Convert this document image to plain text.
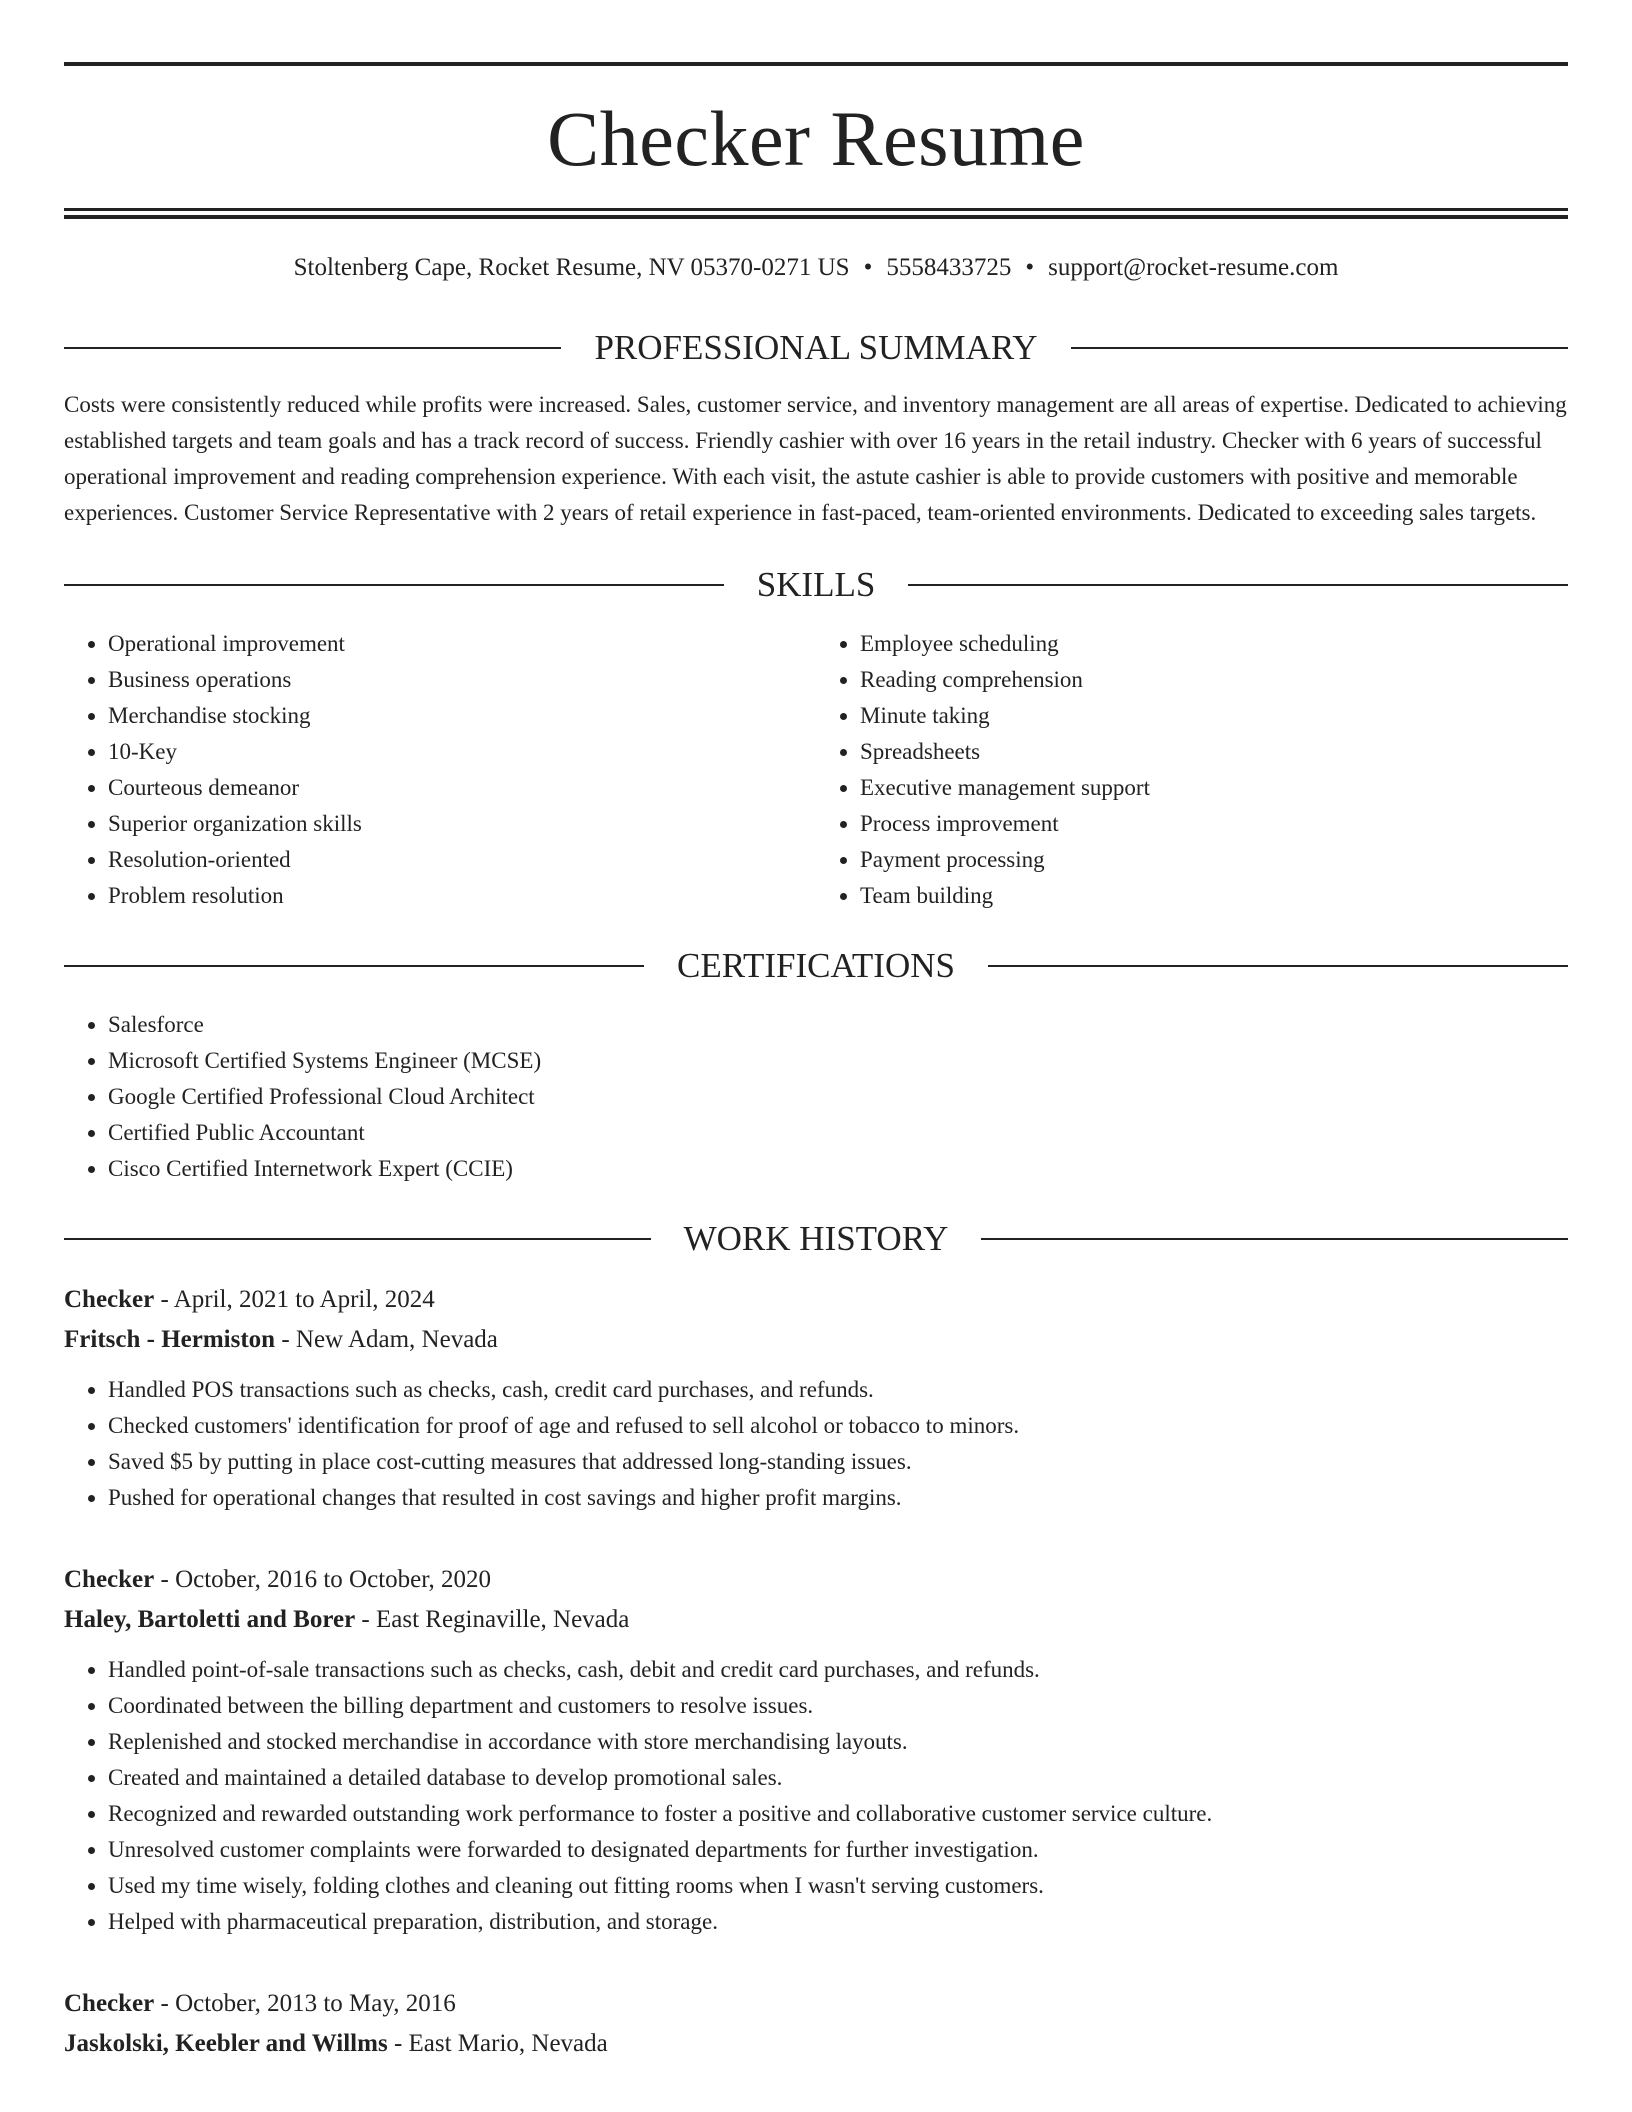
Checker Resume
Stoltenberg Cape, Rocket Resume, NV 05370-0271 US • 5558433725 • support@rocket-resume.com
PROFESSIONAL SUMMARY

Costs were consistently reduced while profits were increased. Sales, customer service, and inventory management are all areas of expertise. Dedicated to achieving established targets and team goals and has a track record of success. Friendly cashier with over 16 years in the retail industry. Checker with 6 years of successful operational improvement and reading comprehension experience. With each visit, the astute cashier is able to provide customers with positive and memorable experiences. Customer Service Representative with 2 years of retail experience in fast-paced, team-oriented environments. Dedicated to exceeding sales targets.

SKILLS
• Operational improvement
• Business operations
• Merchandise stocking
• 10-Key
• Courteous demeanor
• Superior organization skills
• Resolution-oriented
• Problem resolution
• Employee scheduling
• Reading comprehension
• Minute taking
• Spreadsheets
• Executive management support
• Process improvement
• Payment processing
• Team building
CERTIFICATIONS
• Salesforce
• Microsoft Certified Systems Engineer (MCSE)
• Google Certified Professional Cloud Architect
• Certified Public Accountant
• Cisco Certified Internetwork Expert (CCIE)
WORK HISTORY
Checker - April, 2021 to April, 2024
Fritsch - Hermiston - New Adam, Nevada
• Handled POS transactions such as checks, cash, credit card purchases, and refunds.
• Checked customers' identification for proof of age and refused to sell alcohol or tobacco to minors.
• Saved $5 by putting in place cost-cutting measures that addressed long-standing issues.
• Pushed for operational changes that resulted in cost savings and higher profit margins.
Checker - October, 2016 to October, 2020
Haley, Bartoletti and Borer - East Reginaville, Nevada
• Handled point-of-sale transactions such as checks, cash, debit and credit card purchases, and refunds.
• Coordinated between the billing department and customers to resolve issues.
• Replenished and stocked merchandise in accordance with store merchandising layouts.
• Created and maintained a detailed database to develop promotional sales.
• Recognized and rewarded outstanding work performance to foster a positive and collaborative customer service culture.
• Unresolved customer complaints were forwarded to designated departments for further investigation.
• Used my time wisely, folding clothes and cleaning out fitting rooms when I wasn't serving customers.
• Helped with pharmaceutical preparation, distribution, and storage.
Checker - October, 2013 to May, 2016
Jaskolski, Keebler and Willms - East Mario, Nevada
